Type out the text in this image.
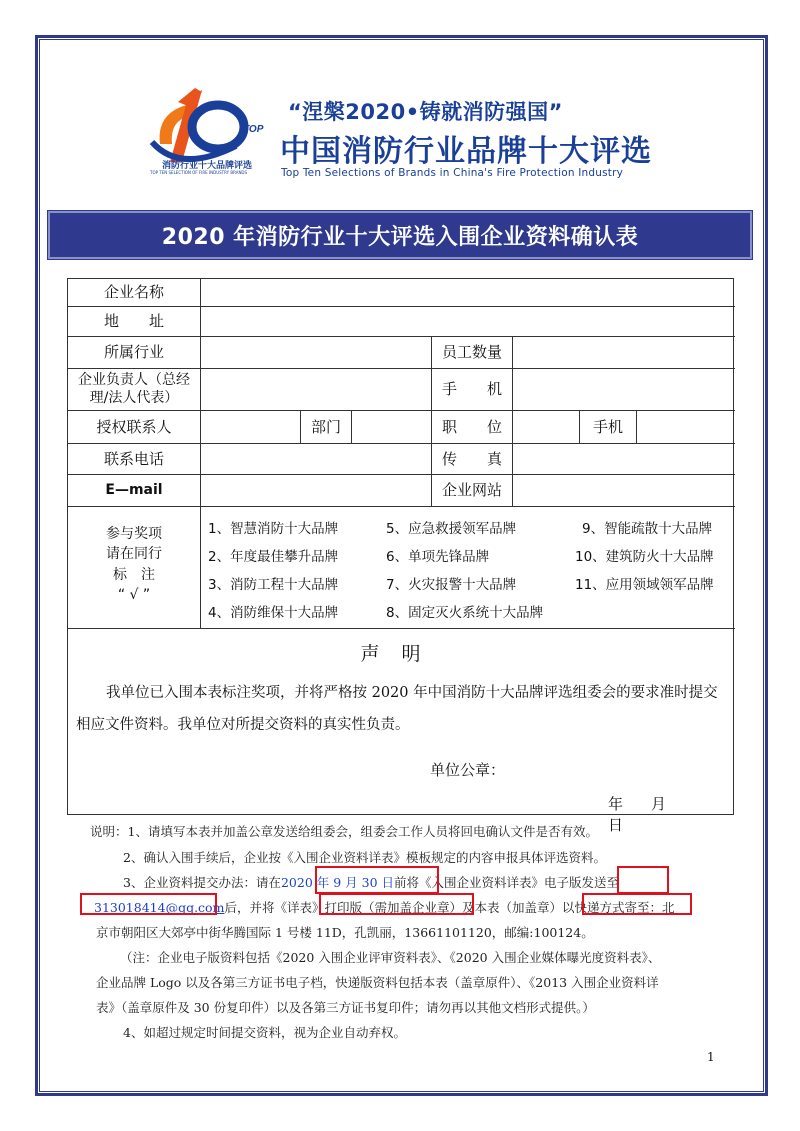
TOP
消防行业十大品牌评选
TOP TEN SELECTION OF FIRE INDUSTRY BRANDS
“涅槃2020•铸就消防强国”
中国消防行业品牌十大评选
Top Ten Selections of Brands in China's Fire Protection Industry
2020 年消防行业十大评选入围企业资料确认表
企业名称
地　　址
所属行业	员工数量
企业负责人（总经理/法人代表）	手　　机
授权联系人	部门	职　　位	手机
联系电话	传　　真
E—mail	企业网站
参与奖项
请在同行
标　注
“ √ ”
1、智慧消防十大品牌	5、应急救援领军品牌	9、智能疏散十大品牌
2、年度最佳攀升品牌	6、单项先锋品牌	10、建筑防火十大品牌
3、消防工程十大品牌	7、火灾报警十大品牌	11、应用领域领军品牌
4、消防维保十大品牌	8、固定灭火系统十大品牌
声明
我单位已入围本表标注奖项，并将严格按 2020 年中国消防十大品牌评选组委会的要求准时提交相应文件资料。我单位对所提交资料的真实性负责。
单位公章：
年 月日
说明：1、请填写本表并加盖公章发送给组委会，组委会工作人员将回电确认文件是否有效。
2、确认入围手续后，企业按《入围企业资料详表》模板规定的内容申报具体评选资料。
3、企业资料提交办法：请在2020 年 9 月 30 日前将《入围企业资料详表》电子版发送至
313018414@qq.com后，并将《详表》打印版（需加盖企业章）及本表（加盖章）以快递方式寄至：北
京市朝阳区大郊亭中街华腾国际 1 号楼 11D，孔凯丽，13661101120，邮编:100124。
（注：企业电子版资料包括《2020 入围企业评审资料表》、《2020 入围企业媒体曝光度资料表》、
企业品牌 Logo 以及各第三方证书电子档，快递版资料包括本表（盖章原件）、《2013 入围企业资料详
表》（盖章原件及 30 份复印件）以及各第三方证书复印件；请勿再以其他文档形式提供。）
4、如超过规定时间提交资料，视为企业自动弃权。
1
